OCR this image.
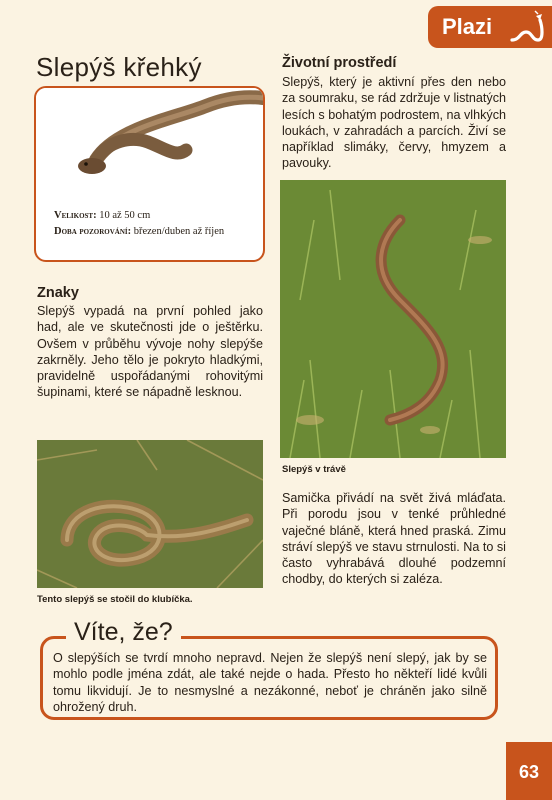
Plazi
Slepýš křehký
Velikost: 10 až 50 cm
Doba pozorování: březen/duben až říjen
Životní prostředí
Slepýš, který je aktivní přes den nebo za soumraku, se rád zdržuje v listnatých lesích s bohatým podrostem, na vlhkých loukách, v zahradách a parcích. Živí se například slimáky, červy, hmyzem a pavouky.
Slepýš v trávě
Znaky
Slepýš vypadá na první pohled jako had, ale ve skutečnosti jde o ještěrku. Ovšem v průběhu vývoje nohy slepýše zakrněly. Jeho tělo je pokryto hladkými, pravidelně uspořádanými rohovitými šupinami, které se nápadně lesknou.
Tento slepýš se stočil do klubíčka.
Samička přivádí na svět živá mláďata. Při porodu jsou v tenké průhledné vaječné bláně, která hned praská. Zimu stráví slepýš ve stavu strnulosti. Na to si často vyhrabává dlouhé podzemní chodby, do kterých si zaléza.
Víte, že?
O slepýších se tvrdí mnoho nepravd. Nejen že slepýš není slepý, jak by se mohlo podle jména zdát, ale také nejde o hada. Přesto ho někteří lidé kvůli tomu likvidují. Je to nesmyslné a nezákonné, neboť je chráněn jako silně ohrožený druh.
63
